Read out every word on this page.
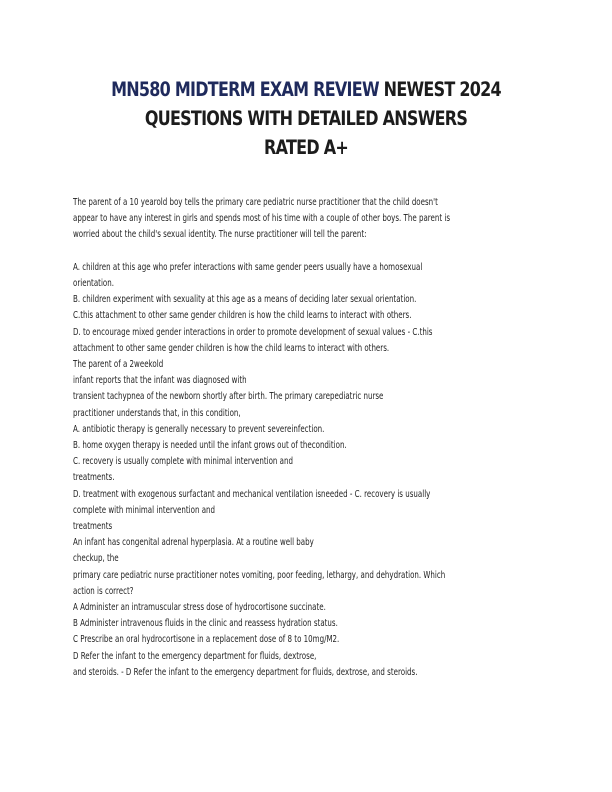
MN580 MIDTERM EXAM REVIEW NEWEST 2024
QUESTIONS WITH DETAILED ANSWERS
RATED A+
The parent of a 10 yearold boy tells the primary care pediatric nurse practitioner that the child doesn't
appear to have any interest in girls and spends most of his time with a couple of other boys. The parent is
worried about the child's sexual identity. The nurse practitioner will tell the parent:
A. children at this age who prefer interactions with same gender peers usually have a homosexual
orientation.
B. children experiment with sexuality at this age as a means of deciding later sexual orientation.
C.this attachment to other same gender children is how the child learns to interact with others.
D. to encourage mixed gender interactions in order to promote development of sexual values - C.this
attachment to other same gender children is how the child learns to interact with others.
The parent of a 2weekold
infant reports that the infant was diagnosed with
transient tachypnea of the newborn shortly after birth. The primary carepediatric nurse
practitioner understands that, in this condition,
A. antibiotic therapy is generally necessary to prevent severeinfection.
B. home oxygen therapy is needed until the infant grows out of thecondition.
C. recovery is usually complete with minimal intervention and
treatments.
D. treatment with exogenous surfactant and mechanical ventilation isneeded - C. recovery is usually
complete with minimal intervention and
treatments
An infant has congenital adrenal hyperplasia. At a routine well baby
checkup, the
primary care pediatric nurse practitioner notes vomiting, poor feeding, lethargy, and dehydration. Which
action is correct?
A Administer an intramuscular stress dose of hydrocortisone succinate.
B Administer intravenous fluids in the clinic and reassess hydration status.
C Prescribe an oral hydrocortisone in a replacement dose of 8 to 10mg/M2.
D Refer the infant to the emergency department for fluids, dextrose,
and steroids. - D Refer the infant to the emergency department for fluids, dextrose, and steroids.
